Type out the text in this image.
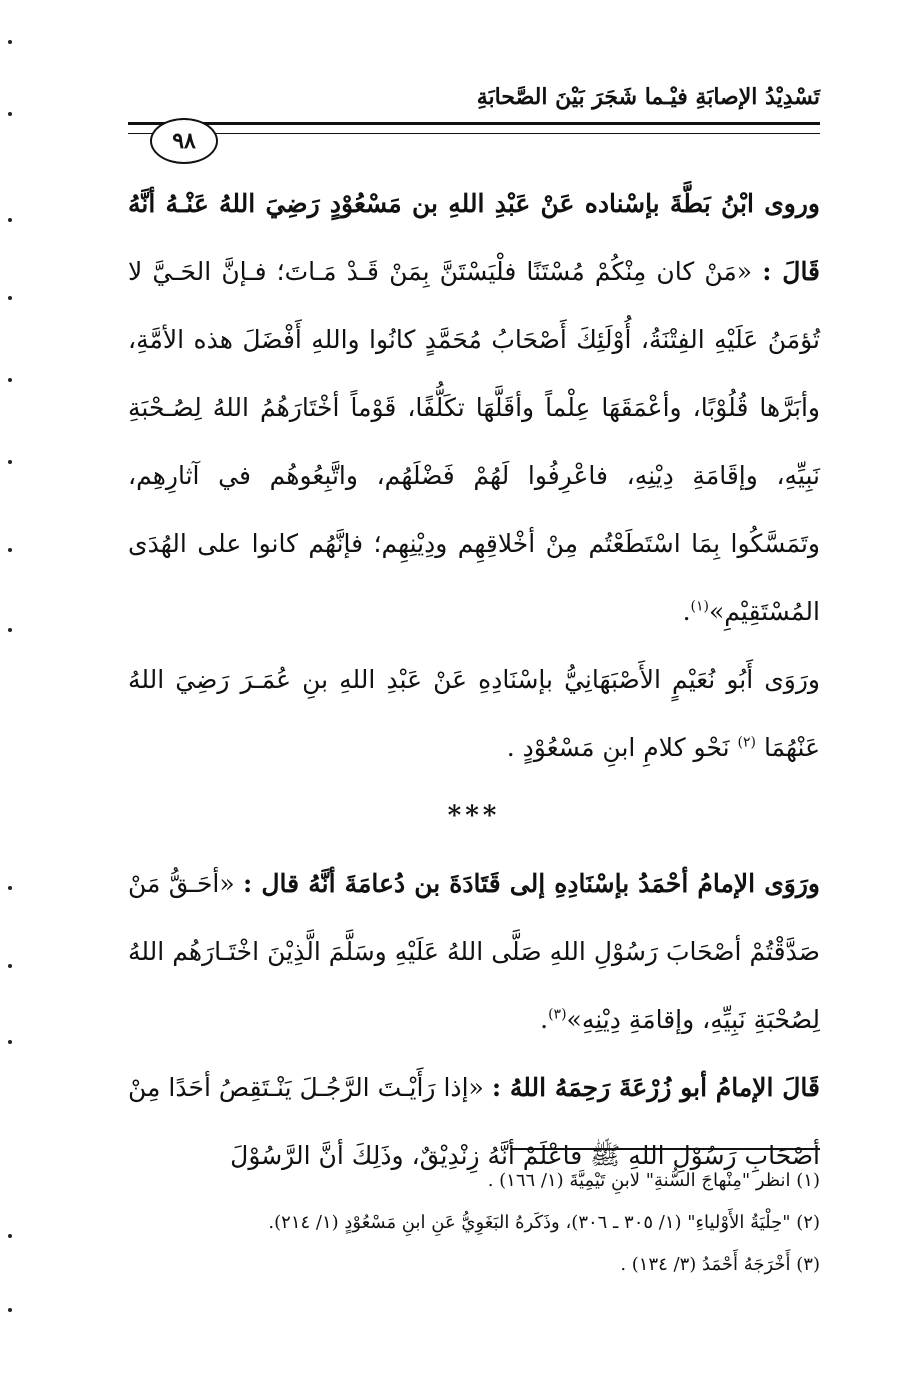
تَسْدِيْدُ الإصابَةِ فيْـما شَجَرَ بَيْنَ الصَّحابَةِ
٩٨

وروى ابْنُ بَطَّةَ بإسْناده عَنْ عَبْدِ اللهِ بن مَسْعُوْدٍ رَضِيَ اللهُ عَنْـهُ أنَّهُ قَالَ : «مَنْ كان مِنْكُمْ مُسْتَنًا فلْيَسْتَنَّ بِمَنْ قَـدْ مَـاتَ؛ فـإنَّ الحَـيَّ لا تُؤمَنُ عَلَيْهِ الفِتْنَةُ، أُوْلَئِكَ أَصْحَابُ مُحَمَّدٍ كانُوا واللهِ أَفْضَلَ هذه الأمَّةِ، وأبَرَّها قُلُوْبًا، وأعْمَقَهَا عِلْماً وأقَلَّهَا تكَلُّفًا، قَوْماً أخْتَارَهُمُ اللهُ لِصُـحْبَةِ نَبِيِّهِ، وإقَامَةِ دِيْنِهِ، فاعْرِفُوا لَهُمْ فَضْلَهُم، واتَّبِعُوهُم في آثارِهِم، وتَمَسَّكُوا بِمَا اسْتَطَعْتُم مِنْ أخْلاقِهِم ودِيْنِهِم؛ فإنَّهُم كانوا على الهُدَى المُسْتَقِيْمِ»$^{(١)}$.

ورَوَى أَبُو نُعَيْمٍ الأَصْبَهَانِيُّ بإسْنَادِهِ عَنْ عَبْدِ اللهِ بنِ عُمَـرَ رَضِيَ اللهُ عَنْهُمَا $^{(٢)}$ نَحْو كلامِ ابنِ مَسْعُوْدٍ .

***

ورَوَى الإمامُ أحْمَدُ بإسْنَادِهِ إلى قَتَادَةَ بن دُعامَةَ أنَّهُ قال : «أحَـقُّ مَنْ صَدَّقْتُمْ أصْحَابَ رَسُوْلِ اللهِ صَلَّى اللهُ عَلَيْهِ وسَلَّمَ الَّذِيْنَ اخْتَـارَهُم اللهُ لِصُحْبَةِ نَبِيِّهِ، وإقامَةِ دِيْنِهِ»$^{(٣)}$.

قَالَ الإمامُ أبو زُرْعَةَ رَحِمَهُ اللهُ : «إذا رَأَيْـتَ الرَّجُـلَ يَنْـتَقِصُ أحَدًا مِنْ أصْحَابِ رَسُوْلِ اللهِ ﷺ فاعْلَمْ أنَّهُ زِنْدِيْقٌ، وذَلِكَ أنَّ الرَّسُوْلَ

(١) انظر "مِنْهاجَ السُّنةِ" لابنِ تَيْمِيَّةَ (١/ ١٦٦) .
(٢) "حِلْيَةُ الأَوْلياءِ" (١/ ٣٠٥ ـ ٣٠٦)، وذَكَرهُ البَغَوِيُّ عَنِ ابنِ مَسْعُوْدٍ (١/ ٢١٤).
(٣) أَخْرَجَهُ أَحْمَدُ (٣/ ١٣٤) .
